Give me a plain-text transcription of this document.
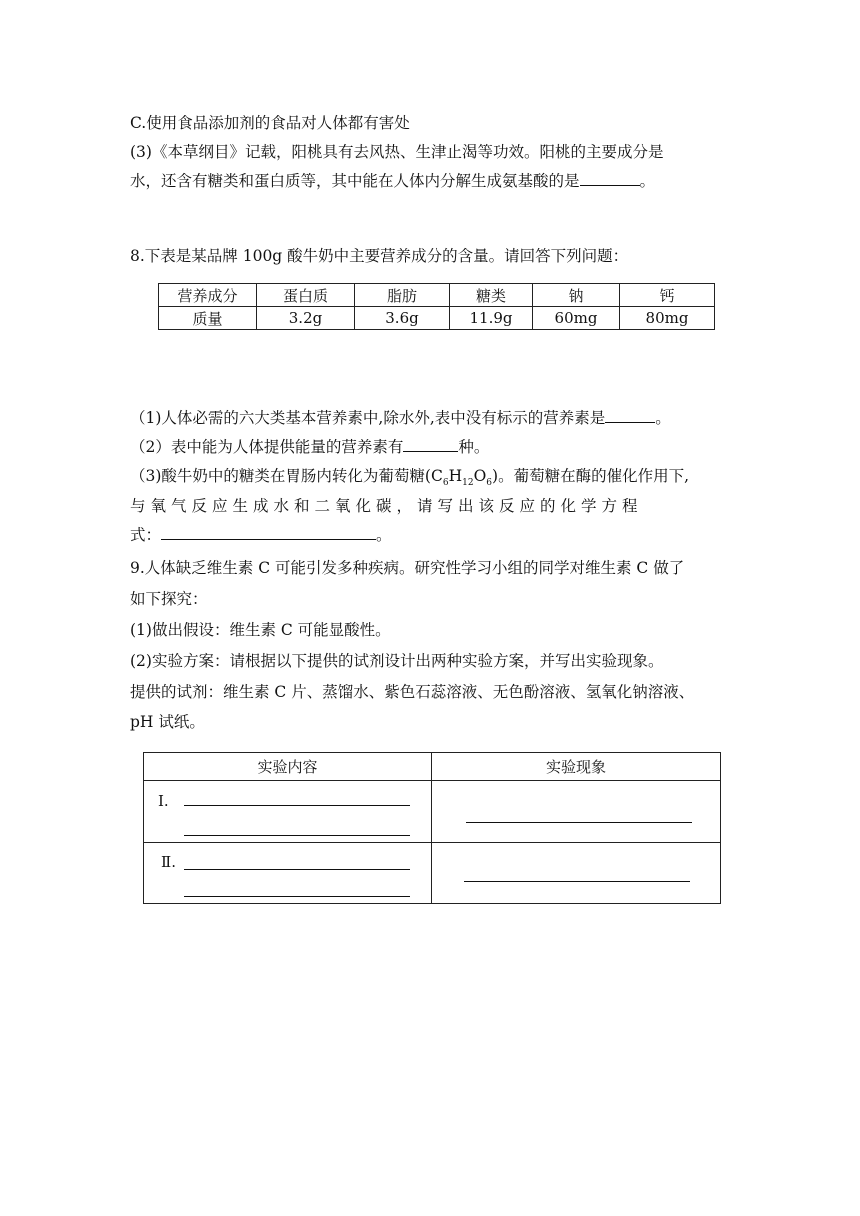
C.使用食品添加剂的食品对人体都有害处
(3)《本草纲目》记载，阳桃具有去风热、生津止渴等功效。阳桃的主要成分是
水，还含有糖类和蛋白质等，其中能在人体内分解生成氨基酸的是	。
8.下表是某品牌 100g 酸牛奶中主要营养成分的含量。请回答下列问题：
营养成分	蛋白质	脂肪	糖类	钠	钙
质量	3.2g	3.6g	11.9g	60mg	80mg
（1)人体必需的六大类基本营养素中,除水外,表中没有标示的营养素是	。
（2）表中能为人体提供能量的营养素有	种。
（3)酸牛奶中的糖类在胃肠内转化为葡萄糖$(C_6H_{12}O_6)$。葡萄糖在酶的催化作用下,
与氧气反应生成水和二氧化碳，请写出该反应的化学方程
式：	。
9.人体缺乏维生素 C 可能引发多种疾病。研究性学习小组的同学对维生素 C 做了
如下探究：
(1)做出假设：维生素 C 可能显酸性。
(2)实验方案：请根据以下提供的试剂设计出两种实验方案，并写出实验现象。
提供的试剂：维生素 C 片、蒸馏水、紫色石蕊溶液、无色酚溶液、氢氧化钠溶液、
pH 试纸。
实验内容	实验现象

Ⅰ.
Ⅱ.
